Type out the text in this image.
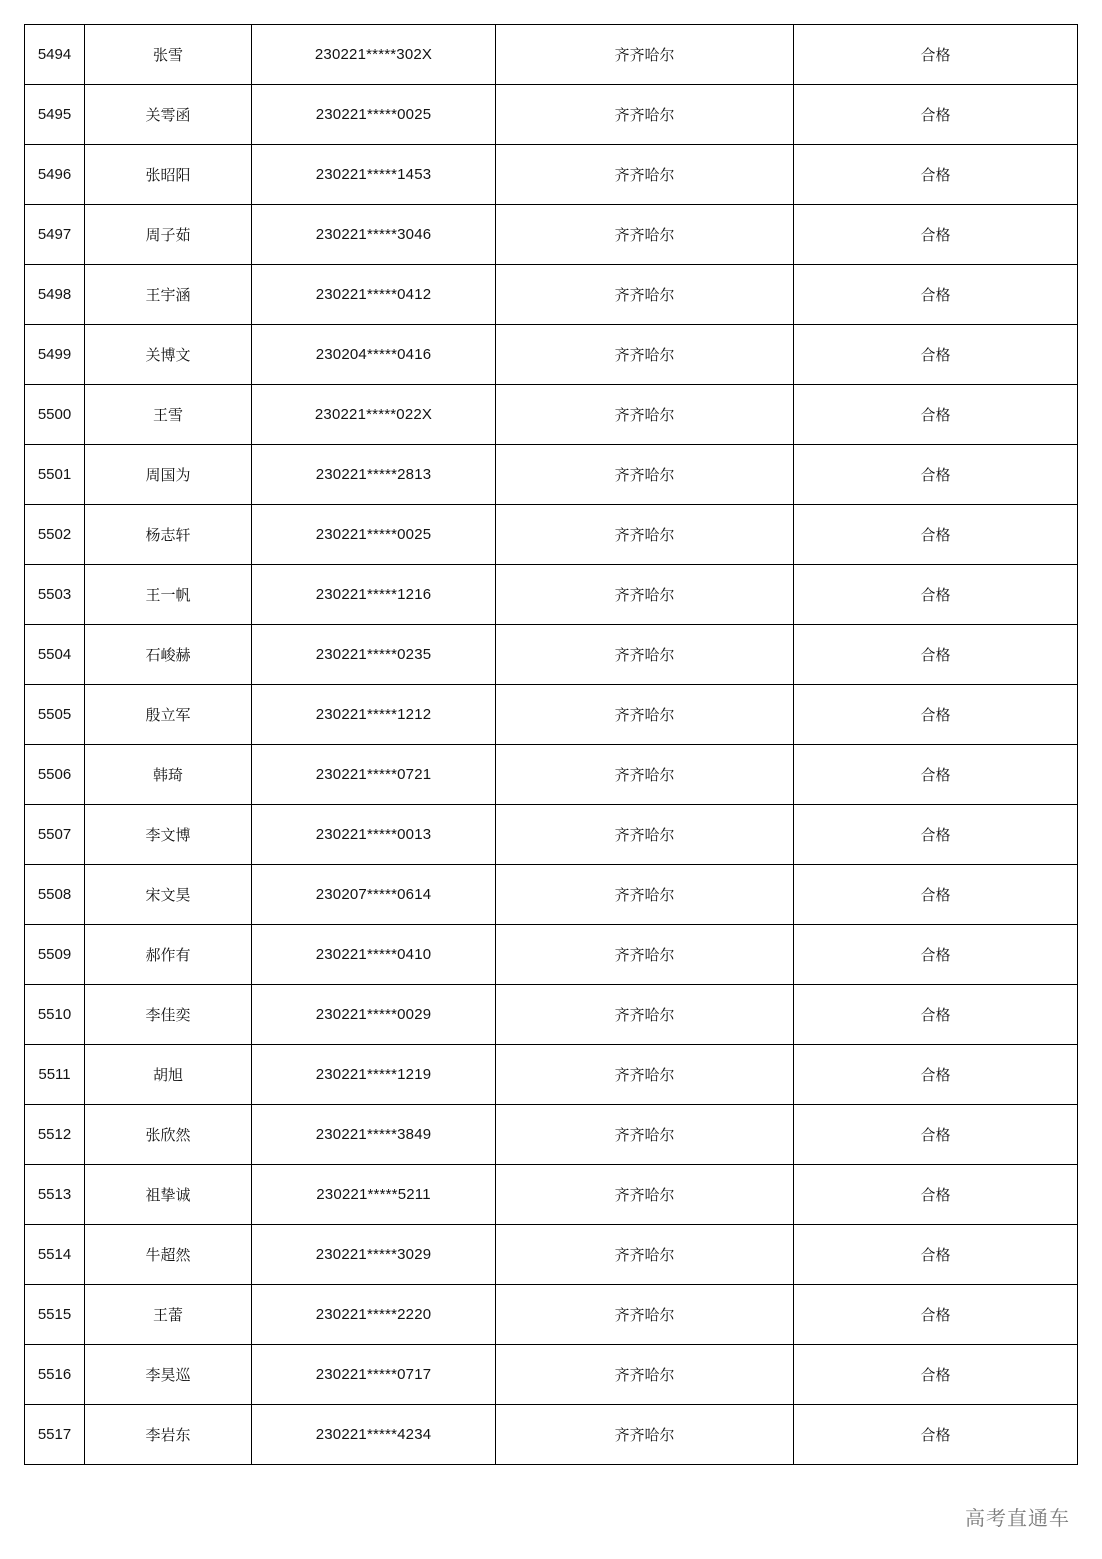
5494	张雪	230221*****302X	齐齐哈尔	合格
5495	关雩函	230221*****0025	齐齐哈尔	合格
5496	张昭阳	230221*****1453	齐齐哈尔	合格
5497	周子茹	230221*****3046	齐齐哈尔	合格
5498	王宇涵	230221*****0412	齐齐哈尔	合格
5499	关博文	230204*****0416	齐齐哈尔	合格
5500	王雪	230221*****022X	齐齐哈尔	合格
5501	周国为	230221*****2813	齐齐哈尔	合格
5502	杨志轩	230221*****0025	齐齐哈尔	合格
5503	王一帆	230221*****1216	齐齐哈尔	合格
5504	石峻赫	230221*****0235	齐齐哈尔	合格
5505	殷立军	230221*****1212	齐齐哈尔	合格
5506	韩琦	230221*****0721	齐齐哈尔	合格
5507	李文博	230221*****0013	齐齐哈尔	合格
5508	宋文昊	230207*****0614	齐齐哈尔	合格
5509	郝作有	230221*****0410	齐齐哈尔	合格
5510	李佳奕	230221*****0029	齐齐哈尔	合格
5511	胡旭	230221*****1219	齐齐哈尔	合格
5512	张欣然	230221*****3849	齐齐哈尔	合格
5513	祖挚诚	230221*****5211	齐齐哈尔	合格
5514	牛超然	230221*****3029	齐齐哈尔	合格
5515	王蕾	230221*****2220	齐齐哈尔	合格
5516	李昊巡	230221*****0717	齐齐哈尔	合格
5517	李岩东	230221*****4234	齐齐哈尔	合格
高考直通车
